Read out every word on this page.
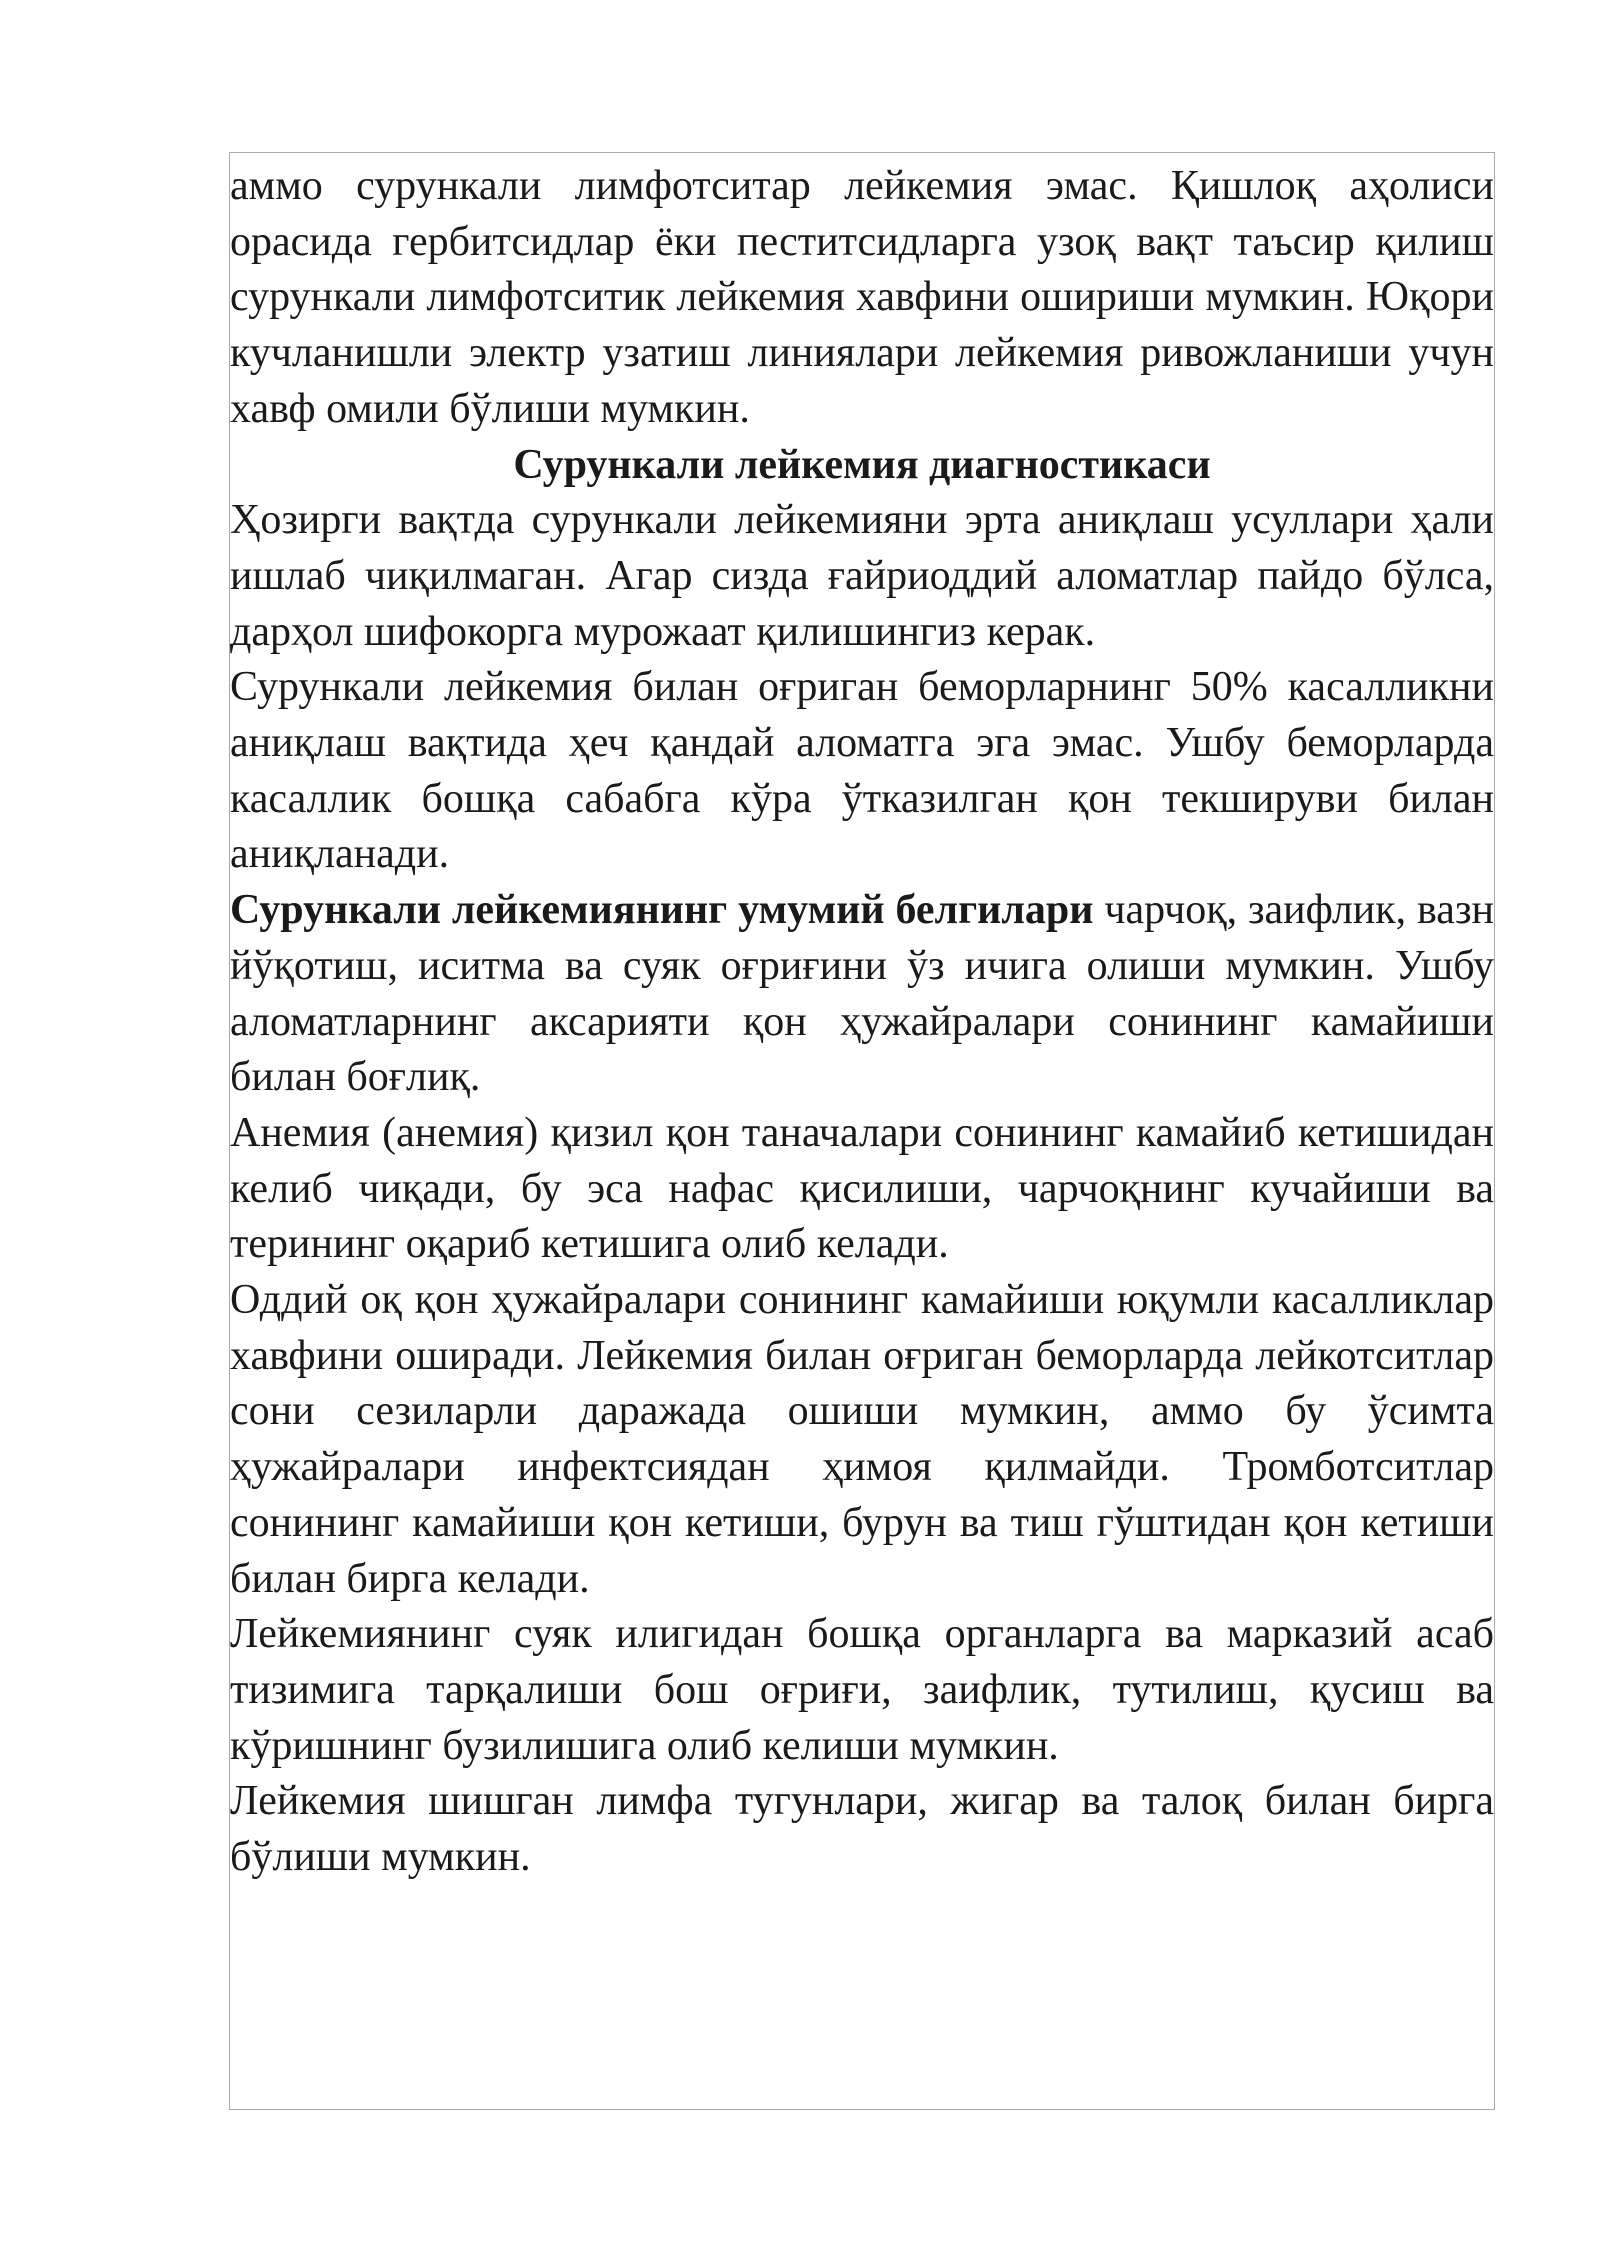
аммо сурункали лимфотситар лейкемия эмас. Қишлоқ аҳолиси орасида гербитсидлар ёки пеститсидларга узоқ вақт таъсир қилиш сурункали лимфотситик лейкемия хавфини ошириши мумкин. Юқори кучланишли электр узатиш линиялари лейкемия ривожланиши учун хавф омили бўлиши мумкин.

Сурункали лейкемия диагностикаси

Ҳозирги вақтда сурункали лейкемияни эрта аниқлаш усуллари ҳали ишлаб чиқилмаган. Агар сизда ғайриоддий аломатлар пайдо бўлса, дарҳол шифокорга мурожаат қилишингиз керак.

Сурункали лейкемия билан оғриган беморларнинг 50% касалликни аниқлаш вақтида ҳеч қандай аломатга эга эмас. Ушбу беморларда касаллик бошқа сабабга кўра ўтказилган қон текшируви билан аниқланади.

Сурункали лейкемиянинг умумий белгилари чарчоқ, заифлик, вазн йўқотиш, иситма ва суяк оғриғини ўз ичига олиши мумкин. Ушбу аломатларнинг аксарияти қон ҳужайралари сонининг камайиши билан боғлиқ.

Анемия (анемия) қизил қон таначалари сонининг камайиб кетишидан келиб чиқади, бу эса нафас қисилиши, чарчоқнинг кучайиши ва терининг оқариб кетишига олиб келади.

Оддий оқ қон ҳужайралари сонининг камайиши юқумли касалликлар хавфини оширади. Лейкемия билан оғриган беморларда лейкотситлар сони сезиларли даражада ошиши мумкин, аммо бу ўсимта ҳужайралари инфектсиядан ҳимоя қилмайди. Тромботситлар сонининг камайиши қон кетиши, бурун ва тиш гўштидан қон кетиши билан бирга келади.

Лейкемиянинг суяк илигидан бошқа органларга ва марказий асаб тизимига тарқалиши бош оғриғи, заифлик, тутилиш, қусиш ва кўришнинг бузилишига олиб келиши мумкин.

Лейкемия шишган лимфа тугунлари, жигар ва талоқ билан бирга бўлиши мумкин.
